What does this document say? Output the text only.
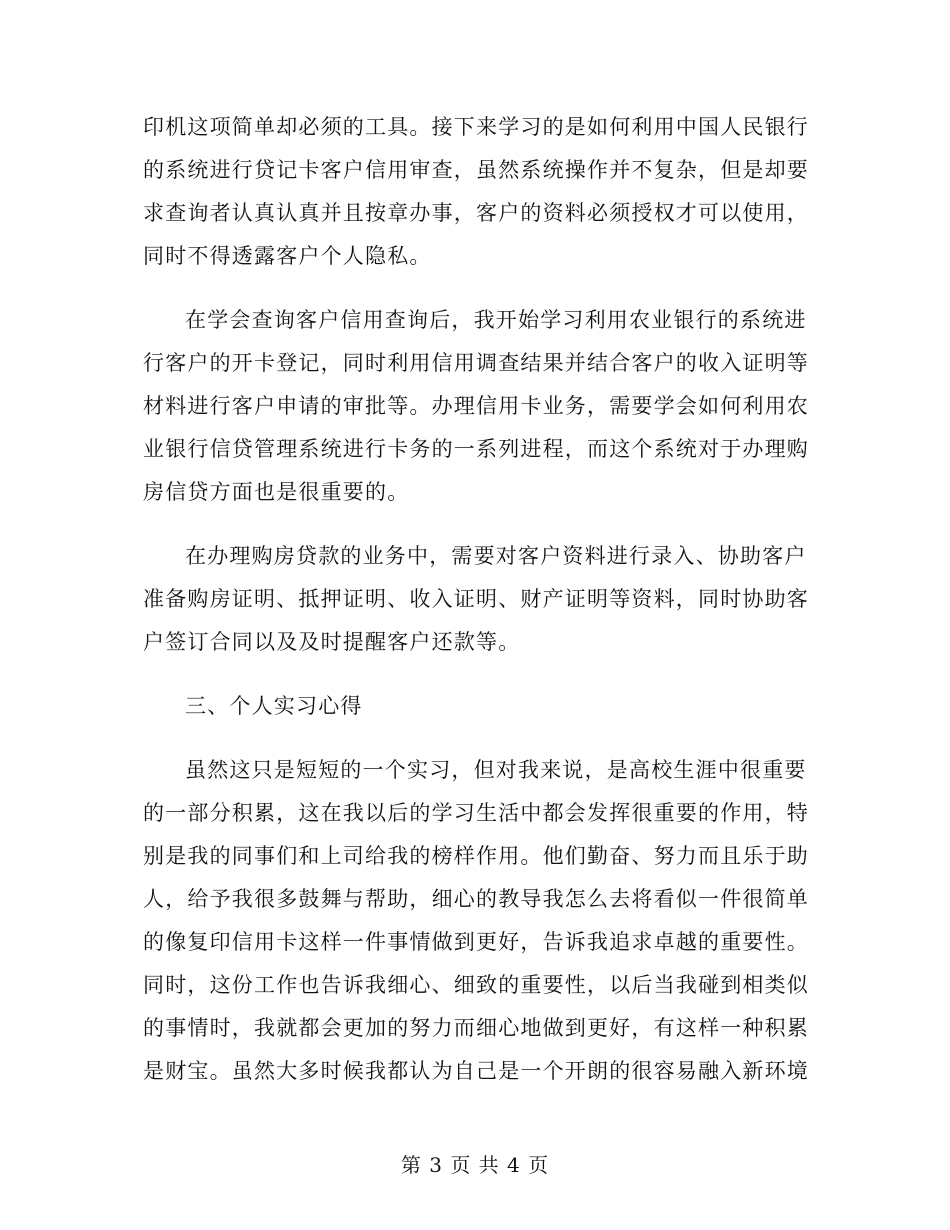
印机这项简单却必须的工具。接下来学习的是如何利用中国人民银行
的系统进行贷记卡客户信用审查，虽然系统操作并不复杂，但是却要
求查询者认真认真并且按章办事，客户的资料必须授权才可以使用，
同时不得透露客户个人隐私。
在学会查询客户信用查询后，我开始学习利用农业银行的系统进
行客户的开卡登记，同时利用信用调查结果并结合客户的收入证明等
材料进行客户申请的审批等。办理信用卡业务，需要学会如何利用农
业银行信贷管理系统进行卡务的一系列进程，而这个系统对于办理购
房信贷方面也是很重要的。
在办理购房贷款的业务中，需要对客户资料进行录入、协助客户
准备购房证明、抵押证明、收入证明、财产证明等资料，同时协助客
户签订合同以及及时提醒客户还款等。
三、个人实习心得
虽然这只是短短的一个实习，但对我来说，是高校生涯中很重要
的一部分积累，这在我以后的学习生活中都会发挥很重要的作用，特
别是我的同事们和上司给我的榜样作用。他们勤奋、努力而且乐于助
人，给予我很多鼓舞与帮助，细心的教导我怎么去将看似一件很简单
的像复印信用卡这样一件事情做到更好，告诉我追求卓越的重要性。
同时，这份工作也告诉我细心、细致的重要性，以后当我碰到相类似
的事情时，我就都会更加的努力而细心地做到更好，有这样一种积累
是财宝。虽然大多时候我都认为自己是一个开朗的很容易融入新环境
第 3 页 共 4 页
